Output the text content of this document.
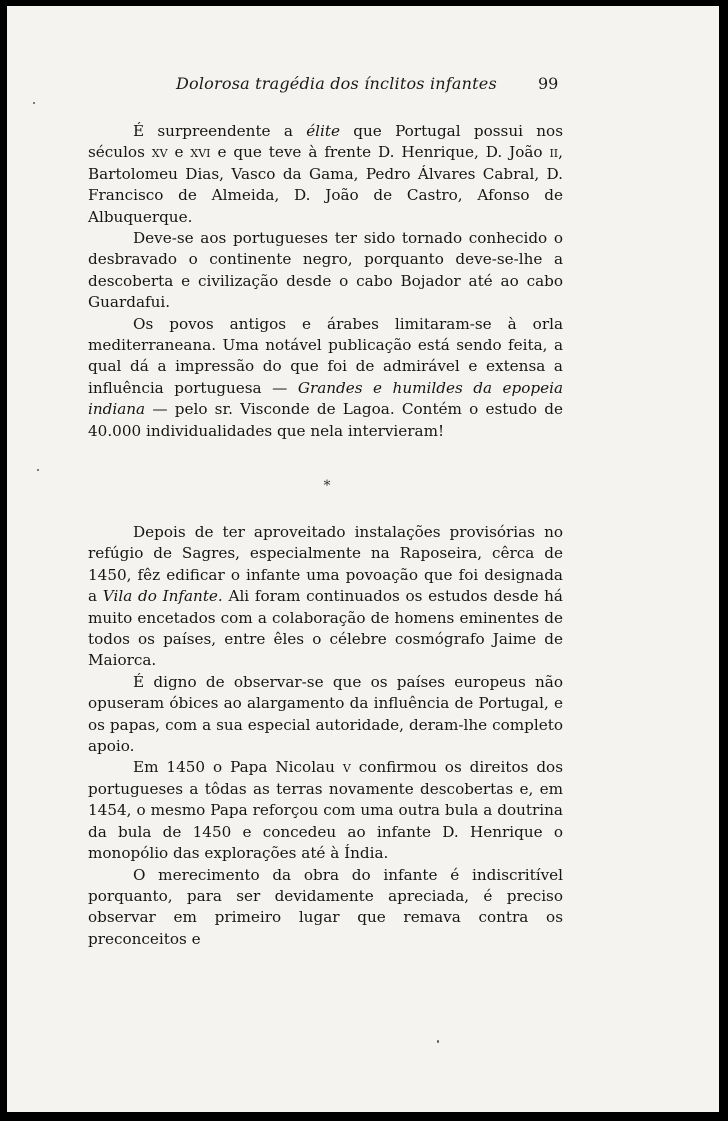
Dolorosa tragédia dos ínclitos infantes	99

É surpreendente a élite que Portugal possui nos séculos xv e xvi e que teve à frente D. Henrique, D. João ii, Bartolomeu Dias, Vasco da Gama, Pedro Álvares Cabral, D. Francisco de Almeida, D. João de Castro, Afonso de Albuquerque.

Deve-se aos portugueses ter sido tornado conhecido o desbravado o continente negro, porquanto deve-se-lhe a descoberta e civilização desde o cabo Bojador até ao cabo Guardafui.

Os povos antigos e árabes limitaram-se à orla mediterraneana. Uma notável publicação está sendo feita, a qual dá a impressão do que foi de admirável e extensa a influência portuguesa — Grandes e humildes da epopeia indiana — pelo sr. Visconde de Lagoa. Contém o estudo de 40.000 individualidades que nela intervieram!

*

Depois de ter aproveitado instalações provisórias no refúgio de Sagres, especialmente na Raposeira, cêrca de 1450, fêz edificar o infante uma povoação que foi designada a Vila do Infante. Ali foram continuados os estudos desde há muito encetados com a colaboração de homens eminentes de todos os países, entre êles o célebre cosmógrafo Jaime de Maiorca.

É digno de observar-se que os países europeus não opuseram óbices ao alargamento da influência de Portugal, e os papas, com a sua especial autoridade, deram-lhe completo apoio.

Em 1450 o Papa Nicolau v confirmou os direitos dos portugueses a tôdas as terras novamente descobertas e, em 1454, o mesmo Papa reforçou com uma outra bula a doutrina da bula de 1450 e concedeu ao infante D. Henrique o monopólio das explorações até à Índia.

O merecimento da obra do infante é indiscritível porquanto, para ser devidamente apreciada, é preciso observar em primeiro lugar que remava contra os preconceitos e
